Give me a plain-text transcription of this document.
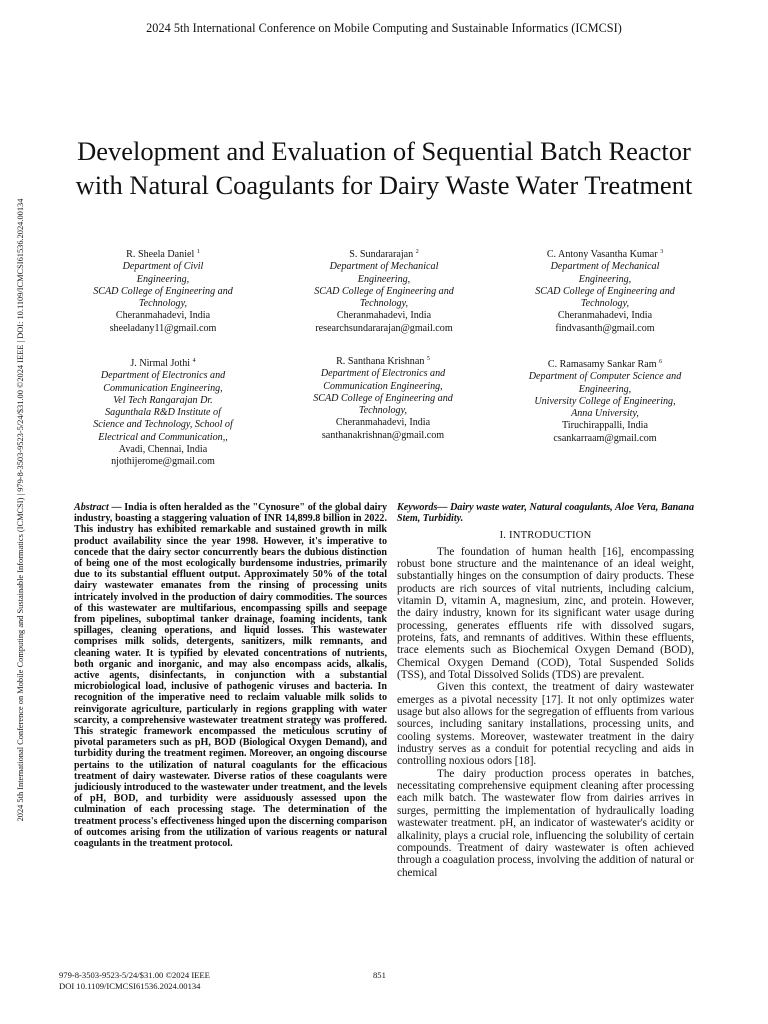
2024 5th International Conference on Mobile Computing and Sustainable Informatics (ICMCSI)
2024 5th International Conference on Mobile Computing and Sustainable Informatics (ICMCSI) | 979-8-3503-9523-5/24/$31.00 ©2024 IEEE | DOI: 10.1109/ICMCSI61536.2024.00134
Development and Evaluation of Sequential Batch Reactor with Natural Coagulants for Dairy Waste Water Treatment
R. Sheela Daniel $^1$
Department of Civil
Engineering,
SCAD College of Engineering and
Technology,
Cheranmahadevi, India
sheeladany11@gmail.com
S. Sundararajan $^2$
Department of Mechanical
Engineering,
SCAD College of Engineering and
Technology,
Cheranmahadevi, India
researchsundararajan@gmail.com
C. Antony Vasantha Kumar $^3$
Department of Mechanical
Engineering,
SCAD College of Engineering and
Technology,
Cheranmahadevi, India
findvasanth@gmail.com
J. Nirmal Jothi $^4$
Department of Electronics and
Communication Engineering,
Vel Tech Rangarajan Dr.
Sagunthala R&D Institute of
Science and Technology, School of
Electrical and Communication,,
Avadi, Chennai, India
njothijerome@gmail.com
R. Santhana Krishnan $^5$
Department of Electronics and
Communication Engineering,
SCAD College of Engineering and
Technology,
Cheranmahadevi, India
santhanakrishnan@gmail.com
C. Ramasamy Sankar Ram $^6$
Department of Computer Science and
Engineering,
University College of Engineering,
Anna University,
Tiruchirappalli, India
csankarraam@gmail.com
Abstract — India is often heralded as the "Cynosure" of the global dairy industry, boasting a staggering valuation of INR 14,899.8 billion in 2022. This industry has exhibited remarkable and sustained growth in milk product availability since the year 1998. However, it's imperative to concede that the dairy sector concurrently bears the dubious distinction of being one of the most ecologically burdensome industries, primarily due to its substantial effluent output. Approximately 50% of the total dairy wastewater emanates from the rinsing of processing units intricately involved in the production of dairy commodities. The sources of this wastewater are multifarious, encompassing spills and seepage from pipelines, suboptimal tanker drainage, foaming incidents, tank spillages, cleaning operations, and liquid losses. This wastewater comprises milk solids, detergents, sanitizers, milk remnants, and cleaning water. It is typified by elevated concentrations of nutrients, both organic and inorganic, and may also encompass acids, alkalis, active agents, disinfectants, in conjunction with a substantial microbiological load, inclusive of pathogenic viruses and bacteria. In recognition of the imperative need to reclaim valuable milk solids to reinvigorate agriculture, particularly in regions grappling with water scarcity, a comprehensive wastewater treatment strategy was proffered. This strategic framework encompassed the meticulous scrutiny of pivotal parameters such as pH, BOD (Biological Oxygen Demand), and turbidity during the treatment regimen. Moreover, an ongoing discourse pertains to the utilization of natural coagulants for the efficacious treatment of dairy wastewater. Diverse ratios of these coagulants were judiciously introduced to the wastewater under treatment, and the levels of pH, BOD, and turbidity were assiduously assessed upon the culmination of each processing stage. The determination of the treatment process's effectiveness hinged upon the discerning comparison of outcomes arising from the utilization of various reagents or natural coagulants in the treatment protocol.
Keywords— Dairy waste water, Natural coagulants, Aloe Vera, Banana Stem, Turbidity.
I. INTRODUCTION

The foundation of human health [16], encompassing robust bone structure and the maintenance of an ideal weight, substantially hinges on the consumption of dairy products. These products are rich sources of vital nutrients, including calcium, vitamin D, vitamin A, magnesium, zinc, and protein. However, the dairy industry, known for its significant water usage during processing, generates effluents rife with dissolved sugars, proteins, fats, and remnants of additives. Within these effluents, trace elements such as Biochemical Oxygen Demand (BOD), Chemical Oxygen Demand (COD), Total Suspended Solids (TSS), and Total Dissolved Solids (TDS) are prevalent.

Given this context, the treatment of dairy wastewater emerges as a pivotal necessity [17]. It not only optimizes water usage but also allows for the segregation of effluents from various sources, including sanitary installations, processing units, and cooling systems. Moreover, wastewater treatment in the dairy industry serves as a conduit for potential recycling and aids in controlling noxious odors [18].

The dairy production process operates in batches, necessitating comprehensive equipment cleaning after processing each milk batch. The wastewater flow from dairies arrives in surges, permitting the implementation of hydraulically loading wastewater treatment. pH, an indicator of wastewater's acidity or alkalinity, plays a crucial role, influencing the solubility of certain compounds. Treatment of dairy wastewater is often achieved through a coagulation process, involving the addition of natural or chemical

979-8-3503-9523-5/24/$31.00 ©2024 IEEE
DOI 10.1109/ICMCSI61536.2024.00134
851
